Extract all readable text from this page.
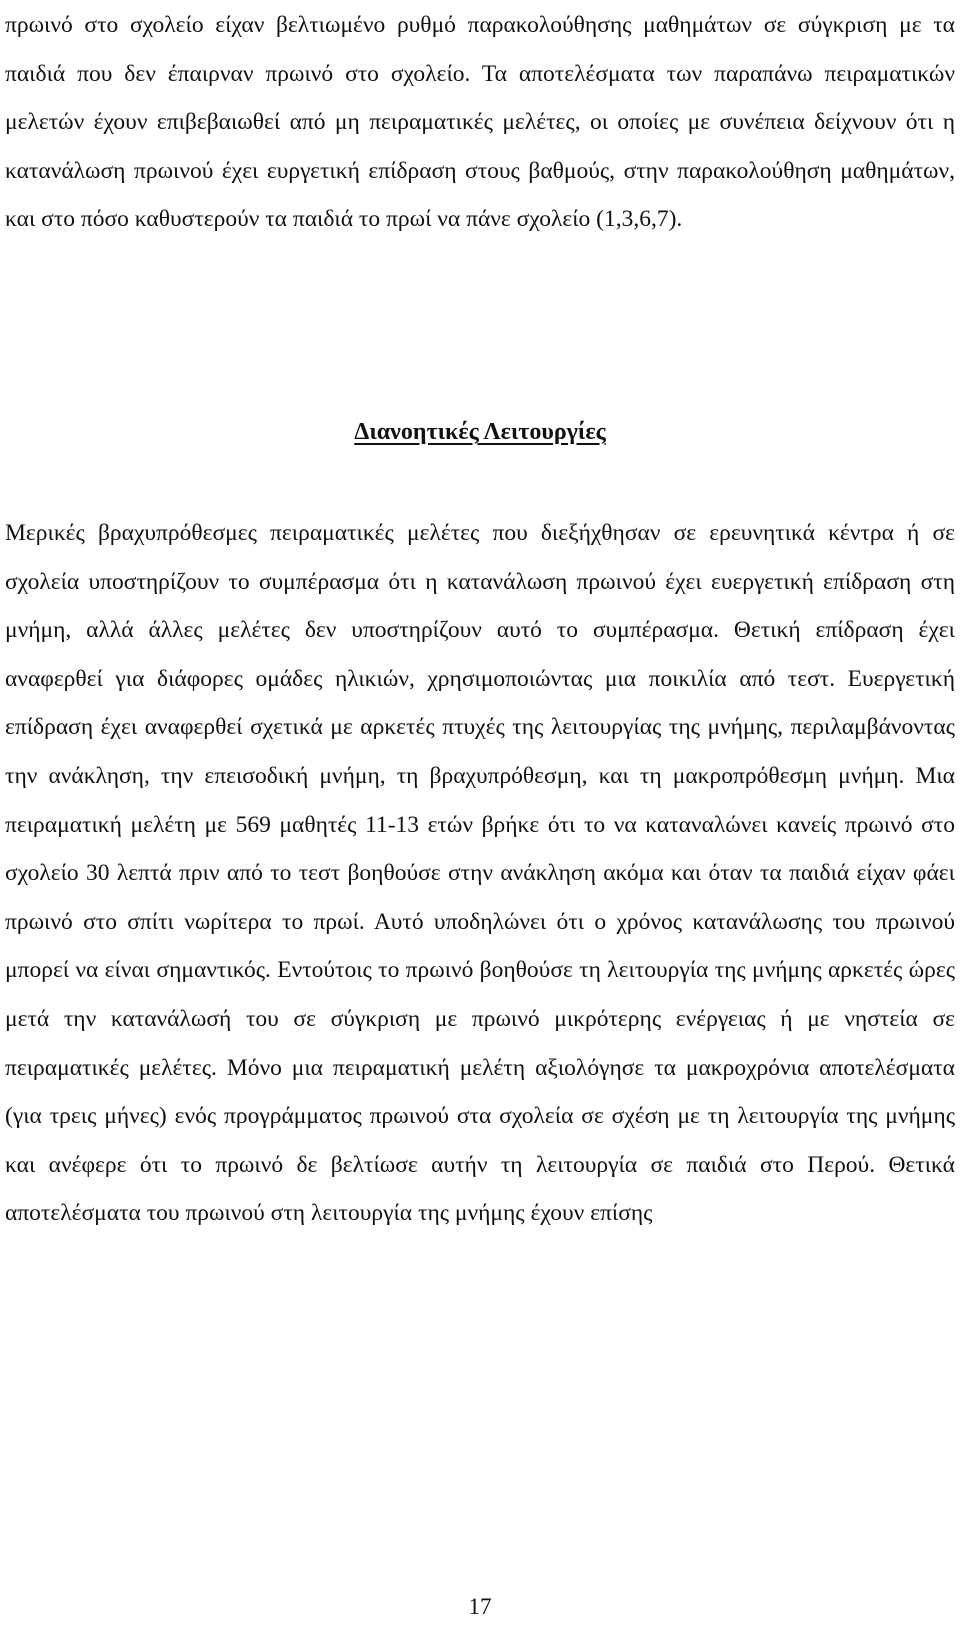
πρωινό στο σχολείο είχαν βελτιωμένο ρυθμό παρακολούθησης μαθημάτων σε σύγκριση με τα παιδιά που δεν έπαιρναν πρωινό στο σχολείο. Τα αποτελέσματα των παραπάνω πειραματικών μελετών έχουν επιβεβαιωθεί από μη πειραματικές μελέτες, οι οποίες με συνέπεια δείχνουν ότι η κατανάλωση πρωινού έχει ευργετική επίδραση στους βαθμούς, στην παρακολούθηση μαθημάτων, και στο πόσο καθυστερούν τα παιδιά το πρωί να πάνε σχολείο (1,3,6,7).

Διανοητικές Λειτουργίες

Μερικές βραχυπρόθεσμες πειραματικές μελέτες που διεξήχθησαν σε ερευνητικά κέντρα ή σε σχολεία υποστηρίζουν το συμπέρασμα ότι η κατανάλωση πρωινού έχει ευεργετική επίδραση στη μνήμη, αλλά άλλες μελέτες δεν υποστηρίζουν αυτό το συμπέρασμα. Θετική επίδραση έχει αναφερθεί για διάφορες ομάδες ηλικιών, χρησιμοποιώντας μια ποικιλία από τεστ. Ευεργετική επίδραση έχει αναφερθεί σχετικά με αρκετές πτυχές της λειτουργίας της μνήμης, περιλαμβάνοντας την ανάκληση, την επεισοδική μνήμη, τη βραχυπρόθεσμη, και τη μακροπρόθεσμη μνήμη. Μια πειραματική μελέτη με 569 μαθητές 11-13 ετών βρήκε ότι το να καταναλώνει κανείς πρωινό στο σχολείο 30 λεπτά πριν από το τεστ βοηθούσε στην ανάκληση ακόμα και όταν τα παιδιά είχαν φάει πρωινό στο σπίτι νωρίτερα το πρωί. Αυτό υποδηλώνει ότι ο χρόνος κατανάλωσης του πρωινού μπορεί να είναι σημαντικός. Εντούτοις το πρωινό βοηθούσε τη λειτουργία της μνήμης αρκετές ώρες μετά την κατανάλωσή του σε σύγκριση με πρωινό μικρότερης ενέργειας ή με νηστεία σε πειραματικές μελέτες. Μόνο μια πειραματική μελέτη αξιολόγησε τα μακροχρόνια αποτελέσματα (για τρεις μήνες) ενός προγράμματος πρωινού στα σχολεία σε σχέση με τη λειτουργία της μνήμης και ανέφερε ότι το πρωινό δε βελτίωσε αυτήν τη λειτουργία σε παιδιά στο Περού. Θετικά αποτελέσματα του πρωινού στη λειτουργία της μνήμης έχουν επίσης

17
